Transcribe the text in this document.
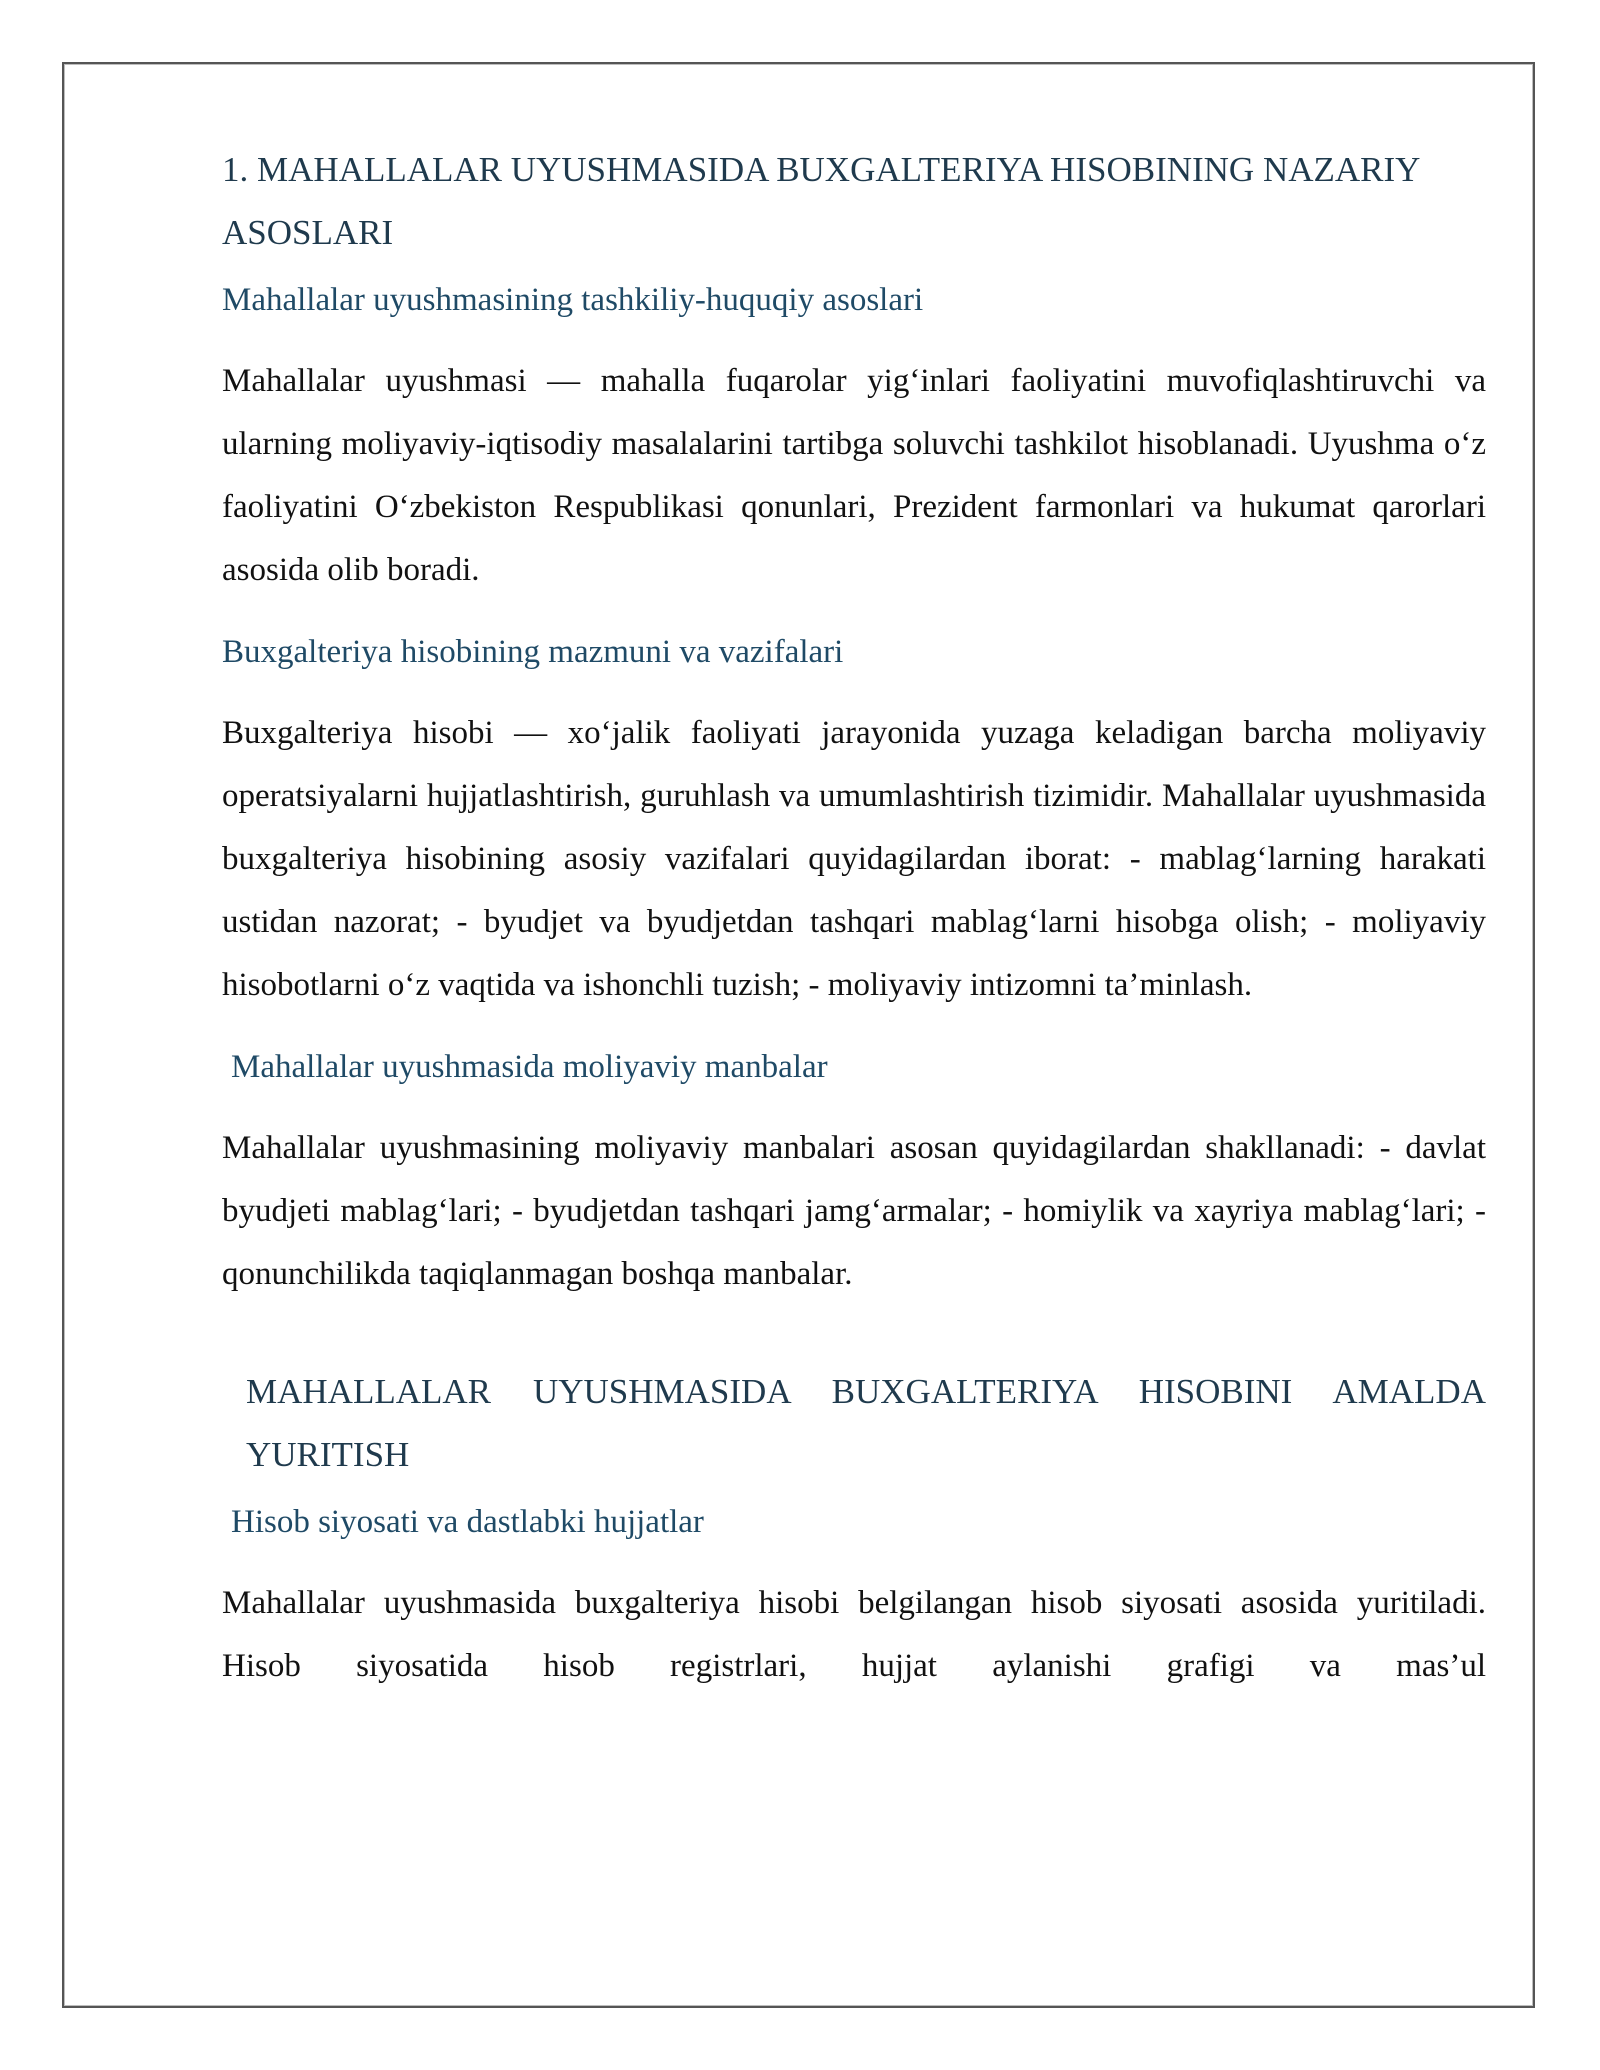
1. MAHALLALAR UYUSHMASIDA BUXGALTERIYA HISOBINING NAZARIY ASOSLARI
Mahallalar uyushmasining tashkiliy-huquqiy asoslari
Mahallalar uyushmasi — mahalla fuqarolar yig‘inlari faoliyatini muvofiqlashtiruvchi va ularning moliyaviy-iqtisodiy masalalarini tartibga soluvchi tashkilot hisoblanadi. Uyushma o‘z faoliyatini O‘zbekiston Respublikasi qonunlari, Prezident farmonlari va hukumat qarorlari asosida olib boradi.
Buxgalteriya hisobining mazmuni va vazifalari
Buxgalteriya hisobi — xo‘jalik faoliyati jarayonida yuzaga keladigan barcha moliyaviy operatsiyalarni hujjatlashtirish, guruhlash va umumlashtirish tizimidir. Mahallalar uyushmasida buxgalteriya hisobining asosiy vazifalari quyidagilardan iborat: - mablag‘larning harakati ustidan nazorat; - byudjet va byudjetdan tashqari mablag‘larni hisobga olish; - moliyaviy hisobotlarni o‘z vaqtida va ishonchli tuzish; - moliyaviy intizomni ta’minlash.
Mahallalar uyushmasida moliyaviy manbalar
Mahallalar uyushmasining moliyaviy manbalari asosan quyidagilardan shakllanadi: - davlat byudjeti mablag‘lari; - byudjetdan tashqari jamg‘armalar; - homiylik va xayriya mablag‘lari; - qonunchilikda taqiqlanmagan boshqa manbalar.
MAHALLALAR UYUSHMASIDA BUXGALTERIYA HISOBINI AMALDA YURITISH
Hisob siyosati va dastlabki hujjatlar
Mahallalar uyushmasida buxgalteriya hisobi belgilangan hisob siyosati asosida yuritiladi. Hisob siyosatida hisob registrlari, hujjat aylanishi grafigi va mas’ul
